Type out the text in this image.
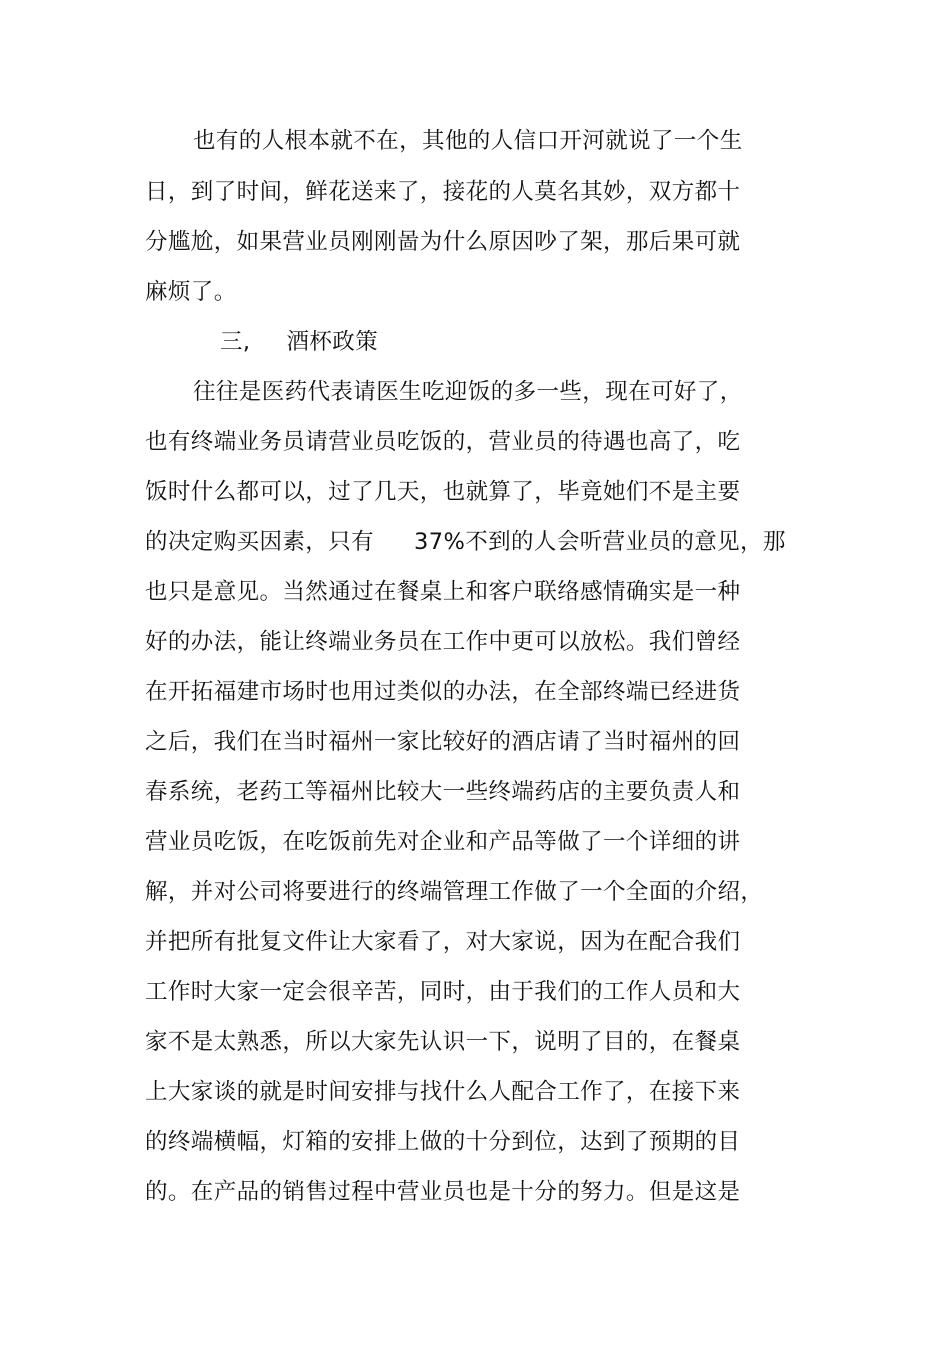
也有的人根本就不在，其他的人信口开河就说了一个生
日，到了时间，鲜花送来了，接花的人莫名其妙，双方都十
分尴尬，如果营业员刚刚啚为什么原因吵了架，那后果可就
麻烦了。
三, 酒杯政策
往往是医药代表请医生吃迎饭的多一些，现在可好了，
也有终端业务员请营业员吃饭的，营业员的待遇也高了，吃
饭时什么都可以，过了几天，也就算了，毕竟她们不是主要
的决定购买因素，只有 37%不到的人会听营业员的意见，那
也只是意见。当然通过在餐桌上和客户联络感情确实是一种
好的办法，能让终端业务员在工作中更可以放松。我们曾经
在开拓福建市场时也用过类似的办法，在全部终端已经进货
之后，我们在当时福州一家比较好的酒店请了当时福州的回
春系统，老药工等福州比较大一些终端药店的主要负责人和
营业员吃饭，在吃饭前先对企业和产品等做了一个详细的讲
解，并对公司将要进行的终端管理工作做了一个全面的介绍，
并把所有批复文件让大家看了，对大家说，因为在配合我们
工作时大家一定会很辛苦，同时，由于我们的工作人员和大
家不是太熟悉，所以大家先认识一下，说明了目的，在餐桌
上大家谈的就是时间安排与找什么人配合工作了，在接下来
的终端横幅，灯箱的安排上做的十分到位，达到了预期的目
的。在产品的销售过程中营业员也是十分的努力。但是这是
